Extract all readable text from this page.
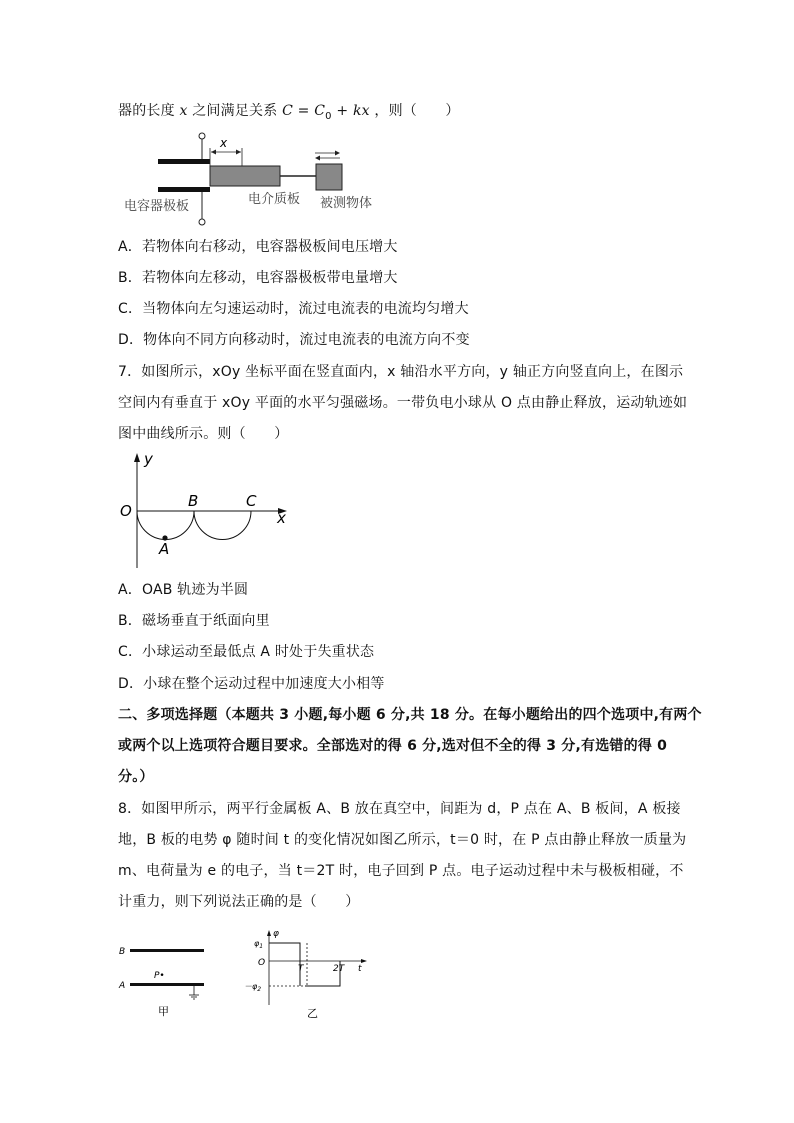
器的长度 x 之间满足关系 $C = C_0$ + kx ，则（　　）
x
电容器极板	电介质板 被测物体
A．若物体向右移动，电容器极板间电压增大
B．若物体向左移动，电容器极板带电量增大
C．当物体向左匀速运动时，流过电流表的电流均匀增大
D．物体向不同方向移动时，流过电流表的电流方向不变
7．如图所示，xOy 坐标平面在竖直面内，x 轴沿水平方向，y 轴正方向竖直向上，在图示
空间内有垂直于 xOy 平面的水平匀强磁场。一带负电小球从 O 点由静止释放，运动轨迹如
图中曲线所示。则（　　）
y
O
B	C
x
A
A．OAB 轨迹为半圆
B．磁场垂直于纸面向里
C．小球运动至最低点 A 时处于失重状态
D．小球在整个运动过程中加速度大小相等
二、多项选择题（本题共 3 小题,每小题 6 分,共 18 分。在每小题给出的四个选项中,有两个
或两个以上选项符合题目要求。全部选对的得 6 分,选对但不全的得 3 分,有选错的得 0
分。）
8．如图甲所示，两平行金属板 A、B 放在真空中，间距为 d，P 点在 A、B 板间，A 板接
地，B 板的电势 φ 随时间 t 的变化情况如图乙所示，t＝0 时，在 P 点由静止释放一质量为
m、电荷量为 e 的电子，当 t＝2T 时，电子回到 P 点。电子运动过程中未与极板相碰，不
计重力，则下列说法正确的是（　　）
B
A
P•
甲
φ
$\varphi_1$
O
T	2T t
$-\varphi_2$
乙
